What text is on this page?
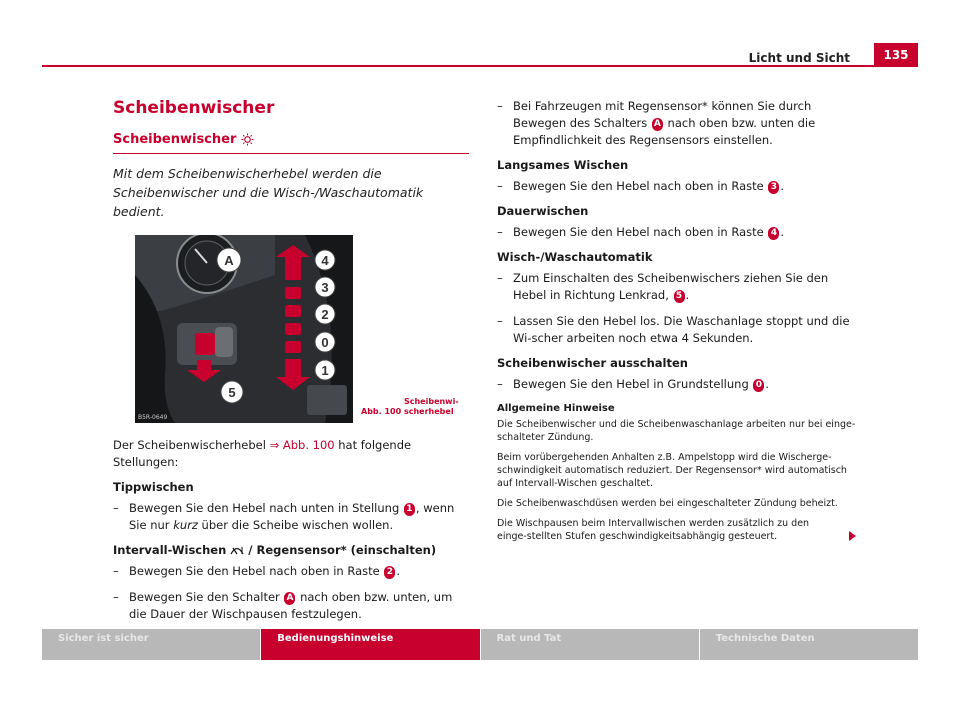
Licht und Sicht	135
Scheibenwischer
Scheibenwischer

Mit dem Scheibenwischerhebel werden die Scheibenwischer und die Wisch-/Waschautomatik bedient.

A	4
3
2
0
1
5
B5R-0649
Abb. 100 Scheibenwi-scherhebel

Der Scheibenwischerhebel ⇒ Abb. 100 hat folgende Stellungen:

Tippwischen
– Bewegen Sie den Hebel nach unten in Stellung 1 , wenn Sie nur kurz über die Scheibe wischen wollen.
Intervall-Wischen  / Regensensor* (einschalten)
– Bewegen Sie den Hebel nach oben in Raste 2 .
– Bewegen Sie den Schalter A nach oben bzw. unten, um die Dauer der Wischpausen festzulegen.
– Bei Fahrzeugen mit Regensensor* können Sie durch Bewegen des Schalters A nach oben bzw. unten die Empfindlichkeit des Regensensors einstellen.
Langsames Wischen
– Bewegen Sie den Hebel nach oben in Raste 3 .
Dauerwischen
– Bewegen Sie den Hebel nach oben in Raste 4 .
Wisch-/Waschautomatik
– Zum Einschalten des Scheibenwischers ziehen Sie den Hebel in Richtung Lenkrad, 5 .
– Lassen Sie den Hebel los. Die Waschanlage stoppt und die Wi-scher arbeiten noch etwa 4 Sekunden.
Scheibenwischer ausschalten
– Bewegen Sie den Hebel in Grundstellung 0 .
Allgemeine Hinweise

Die Scheibenwischer und die Scheibenwaschanlage arbeiten nur bei einge-schalteter Zündung.

Beim vorübergehenden Anhalten z.B. Ampelstopp wird die Wischerge-schwindigkeit automatisch reduziert. Der Regensensor* wird automatisch auf Intervall-Wischen geschaltet.

Die Scheibenwaschdüsen werden bei eingeschalteter Zündung beheizt.

Die Wischpausen beim Intervallwischen werden zusätzlich zu den einge-stellten Stufen geschwindigkeitsabhängig gesteuert.

Sicher ist sicher	Bedienungshinweise	Rat und Tat	Technische Daten
